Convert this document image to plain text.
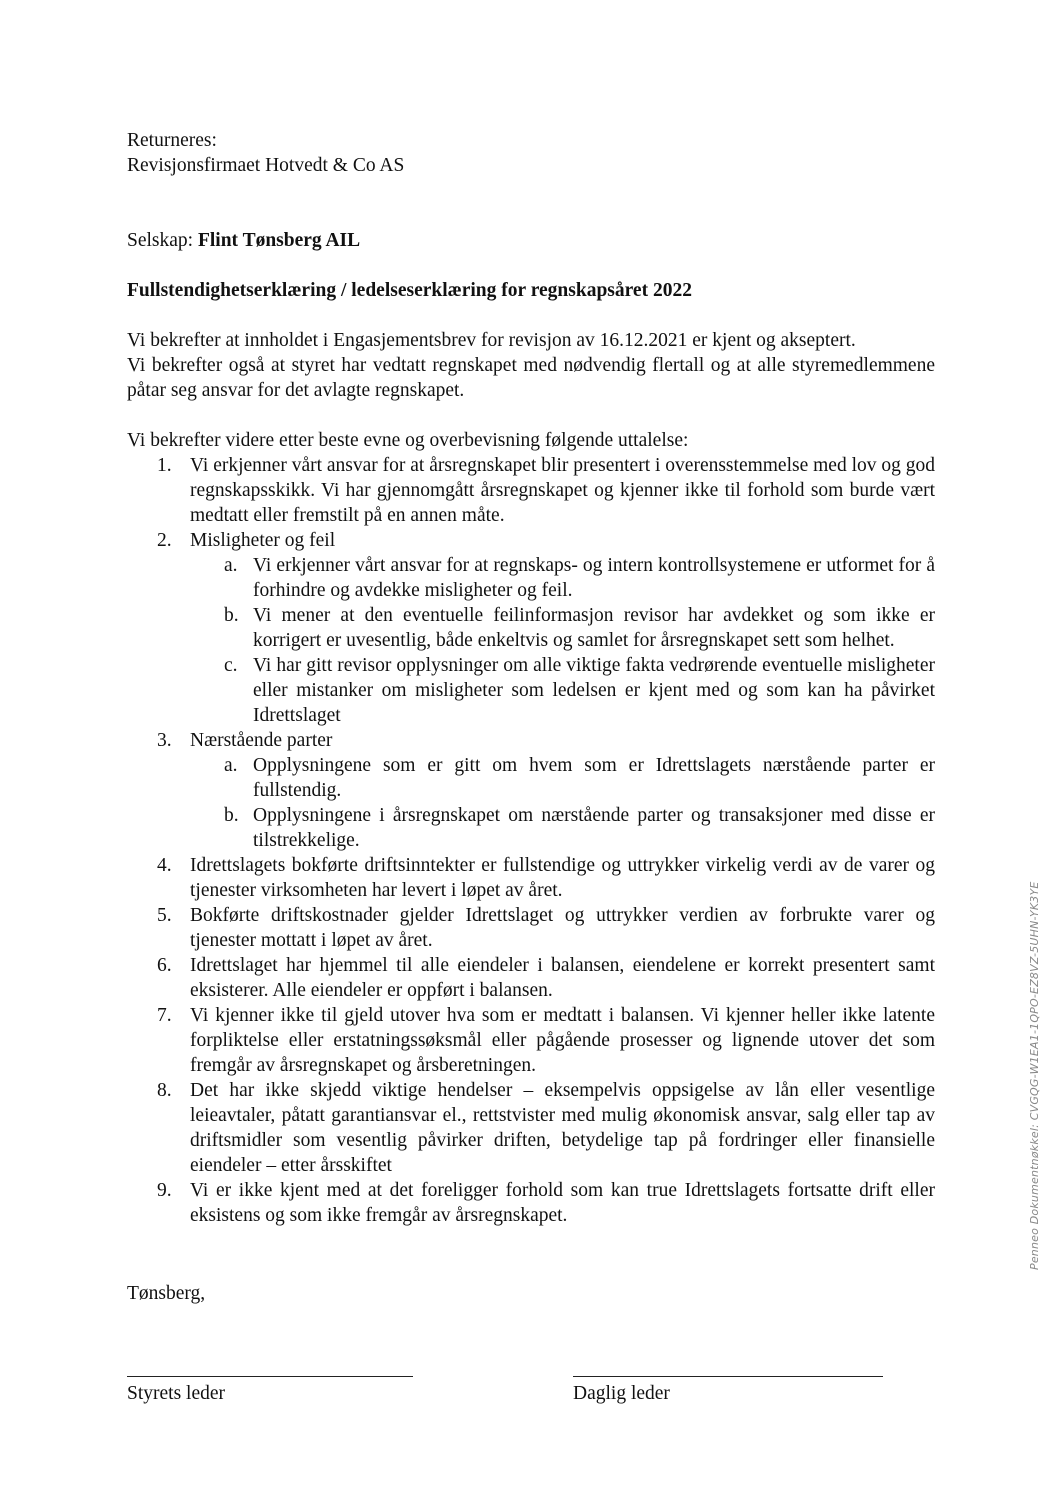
Returneres:
Revisjonsfirmaet Hotvedt & Co AS
Selskap: Flint Tønsberg AIL
Fullstendighetserklæring / ledelseserklæring for regnskapsåret 2022

Vi bekrefter at innholdet i Engasjementsbrev for revisjon av 16.12.2021 er kjent og akseptert.

Vi bekrefter også at styret har vedtatt regnskapet med nødvendig flertall og at alle styremedlemmene påtar seg ansvar for det avlagte regnskapet.

Vi bekrefter videre etter beste evne og overbevisning følgende uttalelse:
1. Vi erkjenner vårt ansvar for at årsregnskapet blir presentert i overensstemmelse med lov og god regnskapsskikk. Vi har gjennomgått årsregnskapet og kjenner ikke til forhold som burde vært medtatt eller fremstilt på en annen måte.
2. Misligheter og feil
a. Vi erkjenner vårt ansvar for at regnskaps- og intern kontrollsystemene er utformet for å forhindre og avdekke misligheter og feil.
b. Vi mener at den eventuelle feilinformasjon revisor har avdekket og som ikke er korrigert er uvesentlig, både enkeltvis og samlet for årsregnskapet sett som helhet.
c. Vi har gitt revisor opplysninger om alle viktige fakta vedrørende eventuelle misligheter eller mistanker om misligheter som ledelsen er kjent med og som kan ha påvirket Idrettslaget
3. Nærstående parter
a. Opplysningene som er gitt om hvem som er Idrettslagets nærstående parter er fullstendig.
b. Opplysningene i årsregnskapet om nærstående parter og transaksjoner med disse er tilstrekkelige.
4. Idrettslagets bokførte driftsinntekter er fullstendige og uttrykker virkelig verdi av de varer og tjenester virksomheten har levert i løpet av året.
5. Bokførte driftskostnader gjelder Idrettslaget og uttrykker verdien av forbrukte varer og tjenester mottatt i løpet av året.
6. Idrettslaget har hjemmel til alle eiendeler i balansen, eiendelene er korrekt presentert samt eksisterer. Alle eiendeler er oppført i balansen.
7. Vi kjenner ikke til gjeld utover hva som er medtatt i balansen. Vi kjenner heller ikke latente forpliktelse eller erstatningssøksmål eller pågående prosesser og lignende utover det som fremgår av årsregnskapet og årsberetningen.
8. Det har ikke skjedd viktige hendelser – eksempelvis oppsigelse av lån eller vesentlige leieavtaler, påtatt garantiansvar el., rettstvister med mulig økonomisk ansvar, salg eller tap av driftsmidler som vesentlig påvirker driften, betydelige tap på fordringer eller finansielle eiendeler – etter årsskiftet
9. Vi er ikke kjent med at det foreligger forhold som kan true Idrettslagets fortsatte drift eller eksistens og som ikke fremgår av årsregnskapet.
Tønsberg,
Styrets leder	Daglig leder
Penneo Dokumentnøkkel: CVGQG-W1EA1-1QPO-EZ8VZ-5UHN-YK3YE
